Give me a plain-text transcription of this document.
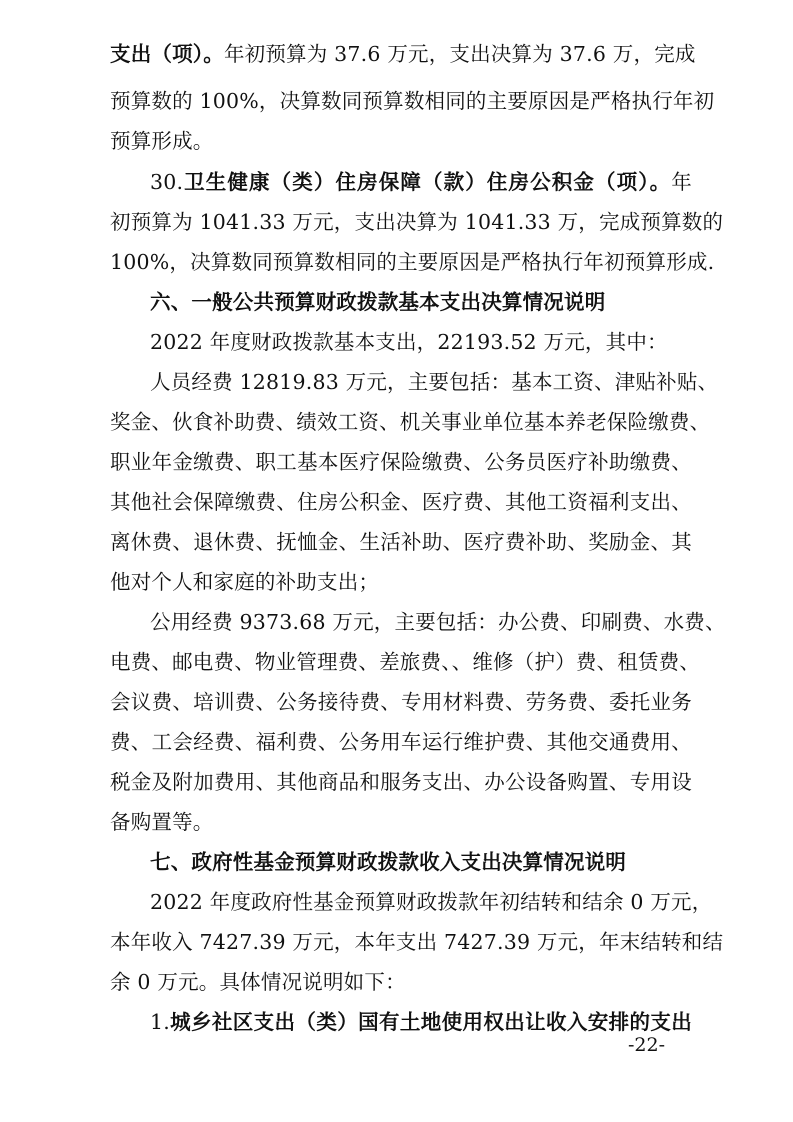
支出（项）。年初预算为 37.6 万元，支出决算为 37.6 万，完成
预算数的 100%，决算数同预算数相同的主要原因是严格执行年初
预算形成。
30.卫生健康（类）住房保障（款）住房公积金（项）。年
初预算为 1041.33 万元，支出决算为 1041.33 万，完成预算数的
100%，决算数同预算数相同的主要原因是严格执行年初预算形成.
六、一般公共预算财政拨款基本支出决算情况说明
2022 年度财政拨款基本支出，22193.52 万元，其中：
人员经费 12819.83 万元，主要包括：基本工资、津贴补贴、
奖金、伙食补助费、绩效工资、机关事业单位基本养老保险缴费、
职业年金缴费、职工基本医疗保险缴费、公务员医疗补助缴费、
其他社会保障缴费、住房公积金、医疗费、其他工资福利支出、
离休费、退休费、抚恤金、生活补助、医疗费补助、奖励金、其
他对个人和家庭的补助支出；
公用经费 9373.68 万元，主要包括：办公费、印刷费、水费、
电费、邮电费、物业管理费、差旅费、、维修（护）费、租赁费、
会议费、培训费、公务接待费、专用材料费、劳务费、委托业务
费、工会经费、福利费、公务用车运行维护费、其他交通费用、
税金及附加费用、其他商品和服务支出、办公设备购置、专用设
备购置等。
七、政府性基金预算财政拨款收入支出决算情况说明
2022 年度政府性基金预算财政拨款年初结转和结余 0 万元，
本年收入 7427.39 万元，本年支出 7427.39 万元，年末结转和结
余 0 万元。具体情况说明如下：
1.城乡社区支出（类）国有土地使用权出让收入安排的支出
-22-
